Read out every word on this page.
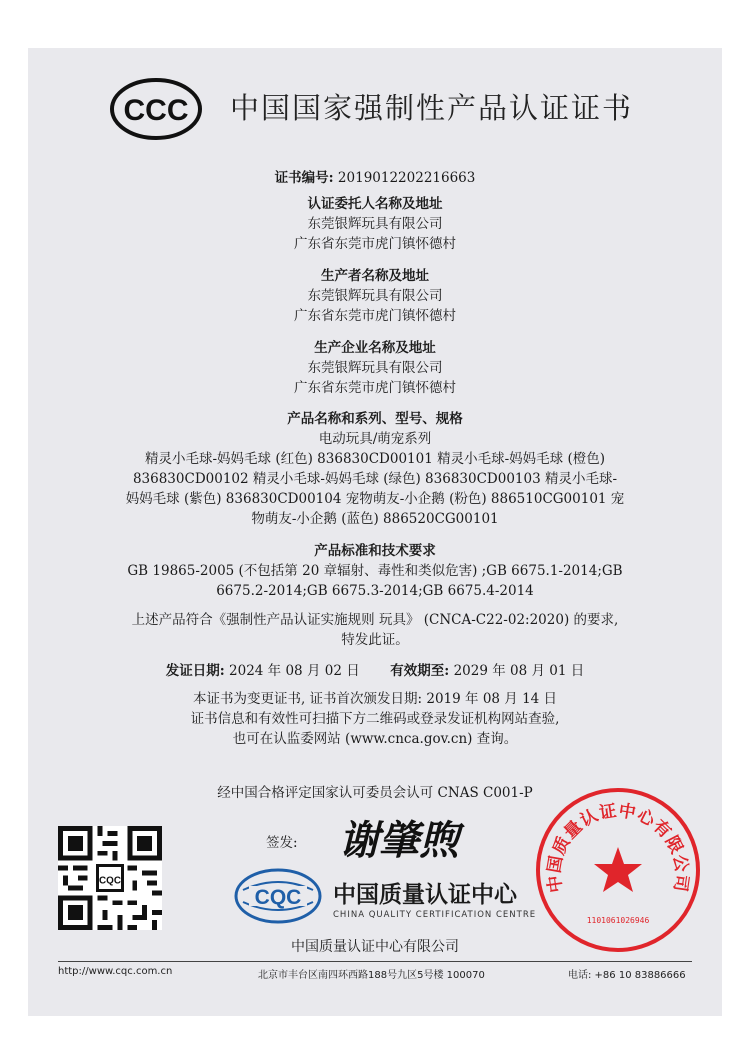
CCC 中国国家强制性产品认证证书
证书编号: 2019012202216663
认证委托人名称及地址
东莞银辉玩具有限公司
广东省东莞市虎门镇怀德村
生产者名称及地址
东莞银辉玩具有限公司
广东省东莞市虎门镇怀德村
生产企业名称及地址
东莞银辉玩具有限公司
广东省东莞市虎门镇怀德村
产品名称和系列、型号、规格
电动玩具/萌宠系列
精灵小毛球-妈妈毛球 (红色) 836830CD00101 精灵小毛球-妈妈毛球 (橙色)
836830CD00102 精灵小毛球-妈妈毛球 (绿色) 836830CD00103 精灵小毛球-
妈妈毛球 (紫色) 836830CD00104 宠物萌友-小企鹅 (粉色) 886510CG00101 宠
物萌友-小企鹅 (蓝色) 886520CG00101
产品标准和技术要求
GB 19865-2005 (不包括第 20 章辐射、毒性和类似危害) ;GB 6675.1-2014;GB
6675.2-2014;GB 6675.3-2014;GB 6675.4-2014
上述产品符合《强制性产品认证实施规则 玩具》 (CNCA-C22-02:2020) 的要求,
特发此证。
发证日期: 2024 年 08 月 02 日 有效期至: 2029 年 08 月 01 日
本证书为变更证书, 证书首次颁发日期: 2019 年 08 月 14 日
证书信息和有效性可扫描下方二维码或登录发证机构网站查验,
也可在认监委网站 (www.cnca.gov.cn) 查询。
经中国合格评定国家认可委员会认可 CNAS C001-P
CQC
签发: 谢肇煦
CQC 中国质量认证中心
CHINA QUALITY CERTIFICATION CENTRE
中国质量认证中心有限公司
中国质量认证中心有限公司
1101061026946
http://www.cqc.com.cn	北京市丰台区南四环西路188号九区5号楼 100070	电话: +86 10 83886666
